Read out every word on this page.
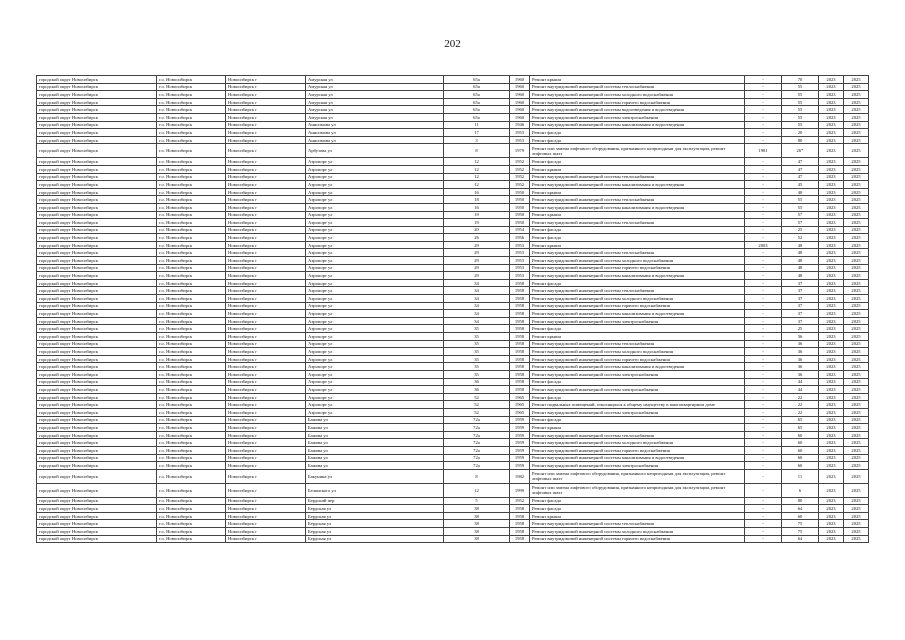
202
городской округ Новосибирск	г.о. Новосибирск	Новосибирск г	Амурская ул	65а	1960	Ремонт крыши	-	70	2023	2025
городской округ Новосибирск	г.о. Новосибирск	Новосибирск г	Амурская ул	65а	1960	Ремонт внутридомовой инженерной системы теплоснабжения	-	55	2023	2025
городской округ Новосибирск	г.о. Новосибирск	Новосибирск г	Амурская ул	65а	1960	Ремонт внутридомовой инженерной системы холодного водоснабжения	-	55	2023	2025
городской округ Новосибирск	г.о. Новосибирск	Новосибирск г	Амурская ул	65а	1960	Ремонт внутридомовой инженерной системы горячего водоснабжения	-	55	2023	2025
городской округ Новосибирск	г.о. Новосибирск	Новосибирск г	Амурская ул	65а	1960	Ремонт внутридомовой инженерной системы водоотведения и водоотведения	-	55	2023	2025
городской округ Новосибирск	г.о. Новосибирск	Новосибирск г	Амурская ул	65а	1960	Ремонт внутридомовой инженерной системы электроснабжения	-	55	2023	2025
городской округ Новосибирск	г.о. Новосибирск	Новосибирск г	Анисимова ул	11	1946	Ремонт внутридомовой инженерной системы канализования и водоотведения	-	55	2023	2025
городской округ Новосибирск	г.о. Новосибирск	Новосибирск г	Анисимова ул	17	1953	Ремонт фасада	-	20	2023	2025
городской округ Новосибирск	г.о. Новосибирск	Новосибирск г	Анисимова ул	3	1953	Ремонт фасада	-	80	2023	2025
городской округ Новосибирск	г.о. Новосибирск	Новосибирск г	Арбузова ул	8	1979	Ремонт или замена лифтового оборудования, признанного непригодным для эксплуатации, ремонт лифтовых шахт	1981	26*	2023	2025
городской округ Новосибирск	г.о. Новосибирск	Новосибирск г	Аэропорт ул	12	1952	Ремонт фасада	-	47	2023	2025
городской округ Новосибирск	г.о. Новосибирск	Новосибирск г	Аэропорт ул	12	1952	Ремонт крыши	-	47	2023	2025
городской округ Новосибирск	г.о. Новосибирск	Новосибирск г	Аэропорт ул	12	1952	Ремонт внутридомовой инженерной системы теплоснабжения	-	47	2023	2025
городской округ Новосибирск	г.о. Новосибирск	Новосибирск г	Аэропорт ул	12	1952	Ремонт внутридомовой инженерной системы канализования и водоотведения	-	45	2023	2025
городской округ Новосибирск	г.о. Новосибирск	Новосибирск г	Аэропорт ул	16	1950	Ремонт крыши	-	40	2023	2025
городской округ Новосибирск	г.о. Новосибирск	Новосибирск г	Аэропорт ул	18	1950	Ремонт внутридомовой инженерной системы теплоснабжения	-	55	2023	2025
городской округ Новосибирск	г.о. Новосибирск	Новосибирск г	Аэропорт ул	16	1950	Ремонт внутридомовой инженерной системы канализования и водоотведения	-	55	2023	2025
городской округ Новосибирск	г.о. Новосибирск	Новосибирск г	Аэропорт ул	19	1950	Ремонт крыши	-	57	2023	2025
городской округ Новосибирск	г.о. Новосибирск	Новосибирск г	Аэропорт ул	19	1950	Ремонт внутридомовой инженерной системы теплоснабжения	-	57	2023	2025
городской округ Новосибирск	г.о. Новосибирск	Новосибирск г	Аэропорт ул	20	1954	Ремонт фасада	-	25	2023	2025
городской округ Новосибирск	г.о. Новосибирск	Новосибирск г	Аэропорт ул	26	1956	Ремонт фасада	-	52	2023	2025
городской округ Новосибирск	г.о. Новосибирск	Новосибирск г	Аэропорт ул	29	1953	Ремонт крыши	2003	48	2023	2025
городской округ Новосибирск	г.о. Новосибирск	Новосибирск г	Аэропорт ул	29	1953	Ремонт внутридомовой инженерной системы теплоснабжения	-	48	2023	2025
городской округ Новосибирск	г.о. Новосибирск	Новосибирск г	Аэропорт ул	29	1953	Ремонт внутридомовой инженерной системы холодного водоснабжения	-	48	2023	2025
городской округ Новосибирск	г.о. Новосибирск	Новосибирск г	Аэропорт ул	29	1953	Ремонт внутридомовой инженерной системы горячего водоснабжения	-	48	2023	2025
городской округ Новосибирск	г.о. Новосибирск	Новосибирск г	Аэропорт ул	29	1953	Ремонт внутридомовой инженерной системы канализования и водоотведения	-	48	2023	2025
городской округ Новосибирск	г.о. Новосибирск	Новосибирск г	Аэропорт ул	34	1958	Ремонт фасада	-	37	2023	2025
городской округ Новосибирск	г.о. Новосибирск	Новосибирск г	Аэропорт ул	34	1958	Ремонт внутридомовой инженерной системы теплоснабжения	-	37	2023	2025
городской округ Новосибирск	г.о. Новосибирск	Новосибирск г	Аэропорт ул	34	1958	Ремонт внутридомовой инженерной системы холодного водоснабжения	-	37	2023	2025
городской округ Новосибирск	г.о. Новосибирск	Новосибирск г	Аэропорт ул	34	1958	Ремонт внутридомовой инженерной системы горячего водоснабжения	-	37	2023	2025
городской округ Новосибирск	г.о. Новосибирск	Новосибирск г	Аэропорт ул	34	1958	Ремонт внутридомовой инженерной системы канализования и водоотведения	-	37	2023	2025
городской округ Новосибирск	г.о. Новосибирск	Новосибирск г	Аэропорт ул	34	1958	Ремонт внутридомовой инженерной системы электроснабжения	-	37	2023	2025
городской округ Новосибирск	г.о. Новосибирск	Новосибирск г	Аэропорт ул	35	1958	Ремонт фасада	-	25	2023	2025
городской округ Новосибирск	г.о. Новосибирск	Новосибирск г	Аэропорт ул	35	1958	Ремонт крыши	-	36	2023	2025
городской округ Новосибирск	г.о. Новосибирск	Новосибирск г	Аэропорт ул	35	1958	Ремонт внутридомовой инженерной системы теплоснабжения	-	36	2023	2025
городской округ Новосибирск	г.о. Новосибирск	Новосибирск г	Аэропорт ул	35	1958	Ремонт внутридомовой инженерной системы холодного водоснабжения	-	36	2023	2025
городской округ Новосибирск	г.о. Новосибирск	Новосибирск г	Аэропорт ул	35	1958	Ремонт внутридомовой инженерной системы горячего водоснабжения	-	36	2023	2025
городской округ Новосибирск	г.о. Новосибирск	Новосибирск г	Аэропорт ул	35	1958	Ремонт внутридомовой инженерной системы канализования и водоотведения	-	36	2023	2025
городской округ Новосибирск	г.о. Новосибирск	Новосибирск г	Аэропорт ул	35	1958	Ремонт внутридомовой инженерной системы электроснабжения	-	36	2023	2025
городской округ Новосибирск	г.о. Новосибирск	Новосибирск г	Аэропорт ул	36	1958	Ремонт фасада	-	44	2023	2025
городской округ Новосибирск	г.о. Новосибирск	Новосибирск г	Аэропорт ул	36	1958	Ремонт внутридомовой инженерной системы электроснабжения	-	44	2023	2025
городской округ Новосибирск	г.о. Новосибирск	Новосибирск г	Аэропорт ул	52	1965	Ремонт фасада	-	22	2023	2025
городской округ Новосибирск	г.о. Новосибирск	Новосибирск г	Аэропорт ул	52	1965	Ремонт подвальных помещений, относящихся к общему имуществу в многоквартирном доме	-	22	2023	2025
городской округ Новосибирск	г.о. Новосибирск	Новосибирск г	Аэропорт ул	52	1965	Ремонт внутридомовой инженерной системы электроснабжения	-	22	2023	2025
городской округ Новосибирск	г.о. Новосибирск	Новосибирск г	Бажова ул	72а	1959	Ремонт фасада	-	65	2023	2025
городской округ Новосибирск	г.о. Новосибирск	Новосибирск г	Бажова ул	72а	1959	Ремонт крыши	-	65	2023	2025
городской округ Новосибирск	г.о. Новосибирск	Новосибирск г	Бажова ул	72а	1959	Ремонт внутридомовой инженерной системы теплоснабжения	-	60	2023	2025
городской округ Новосибирск	г.о. Новосибирск	Новосибирск г	Бажова ул	72а	1959	Ремонт внутридомовой инженерной системы холодного водоснабжения	-	60	2023	2025
городской округ Новосибирск	г.о. Новосибирск	Новосибирск г	Бажова ул	72а	1959	Ремонт внутридомовой инженерной системы горячего водоснабжения	-	60	2023	2025
городской округ Новосибирск	г.о. Новосибирск	Новосибирск г	Бажова ул	72а	1959	Ремонт внутридомовой инженерной системы канализования и водоотведения	-	60	2023	2025
городской округ Новосибирск	г.о. Новосибирск	Новосибирск г	Бажова ул	72а	1959	Ремонт внутридомовой инженерной системы электроснабжения	-	60	2023	2025
городской округ Новосибирск	г.о. Новосибирск	Новосибирск г	Бакунина ул	8	1982	Ремонт или замена лифтового оборудования, признанного непригодным для эксплуатации, ремонт лифтовых шахт	-	11	2023	2025
городской округ Новосибирск	г.о. Новосибирск	Новосибирск г	Белинского ул	12	1999	Ремонт или замена лифтового оборудования, признанного непригодным для эксплуатации, ремонт лифтовых шахт	-	6	2023	2025
городской округ Новосибирск	г.о. Новосибирск	Новосибирск г	Бердский пер	5	1952	Ремонт фасада	-	80	2023	2025
городской округ Новосибирск	г.о. Новосибирск	Новосибирск г	Бердская ул	38	1958	Ремонт фасада	-	64	2023	2025
городской округ Новосибирск	г.о. Новосибирск	Новосибирск г	Бердская ул	38	1958	Ремонт крыши	-	60	2023	2025
городской округ Новосибирск	г.о. Новосибирск	Новосибирск г	Бердская ул	38	1958	Ремонт внутридомовой инженерной системы теплоснабжения	-	75	2023	2025
городской округ Новосибирск	г.о. Новосибирск	Новосибирск г	Бердская ул	38	1958	Ремонт внутридомовой инженерной системы холодного водоснабжения	-	75	2023	2025
городской округ Новосибирск	г.о. Новосибирск	Новосибирск г	Бердская ул	38	1958	Ремонт внутридомовой инженерной системы горячего водоснабжения	-	64	2023	2025
